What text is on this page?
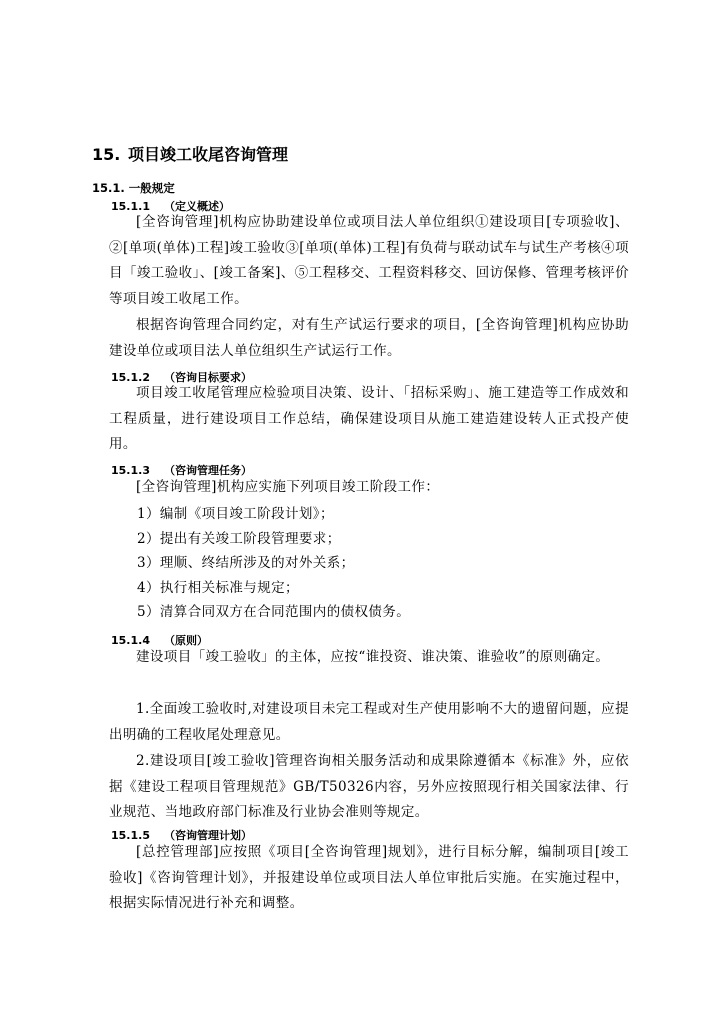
15. 项目竣工收尾咨询管理
15.1. 一般规定
15.1.1 （定义概述）

[全咨询管理]机构应协助建设单位或项目法人单位组织①建设项目[专项验收]、②[单项(单体)工程]竣工验收③[单项(单体)工程]有负荷与联动试车与试生产考核④项目「竣工验收」、[竣工备案]、⑤工程移交、工程资料移交、回访保修、管理考核评价等项目竣工收尾工作。

根据咨询管理合同约定，对有生产试运行要求的项目，[全咨询管理]机构应协助建设单位或项目法人单位组织生产试运行工作。

15.1.2 （咨询目标要求）

项目竣工收尾管理应检验项目决策、设计、「招标采购」、施工建造等工作成效和工程质量，进行建设项目工作总结，确保建设项目从施工建造建设转人正式投产使用。

15.1.3 （咨询管理任务）

[全咨询管理]机构应实施下列项目竣工阶段工作：

1）编制《项目竣工阶段计划》；
2）提出有关竣工阶段管理要求；
3）理顺、终结所涉及的对外关系；
4）执行相关标准与规定；
5）清算合同双方在合同范围内的债权债务。
15.1.4 （原则）

建设项目「竣工验收」的主体，应按“谁投资、谁决策、谁验收”的原则确定。

1.全面竣工验收时,对建设项目未完工程或对生产使用影响不大的遗留问题，应提出明确的工程收尾处理意见。

2.建设项目[竣工验收]管理咨询相关服务活动和成果除遵循本《标准》外，应依据《建设工程项目管理规范》GB/T50326内容，另外应按照现行相关国家法律、行业规范、当地政府部门标准及行业协会准则等规定。

15.1.5 （咨询管理计划）

[总控管理部]应按照《项目[全咨询管理]规划》，进行目标分解，编制项目[竣工验收]《咨询管理计划》，并报建设单位或项目法人单位审批后实施。在实施过程中，根据实际情况进行补充和调整。
